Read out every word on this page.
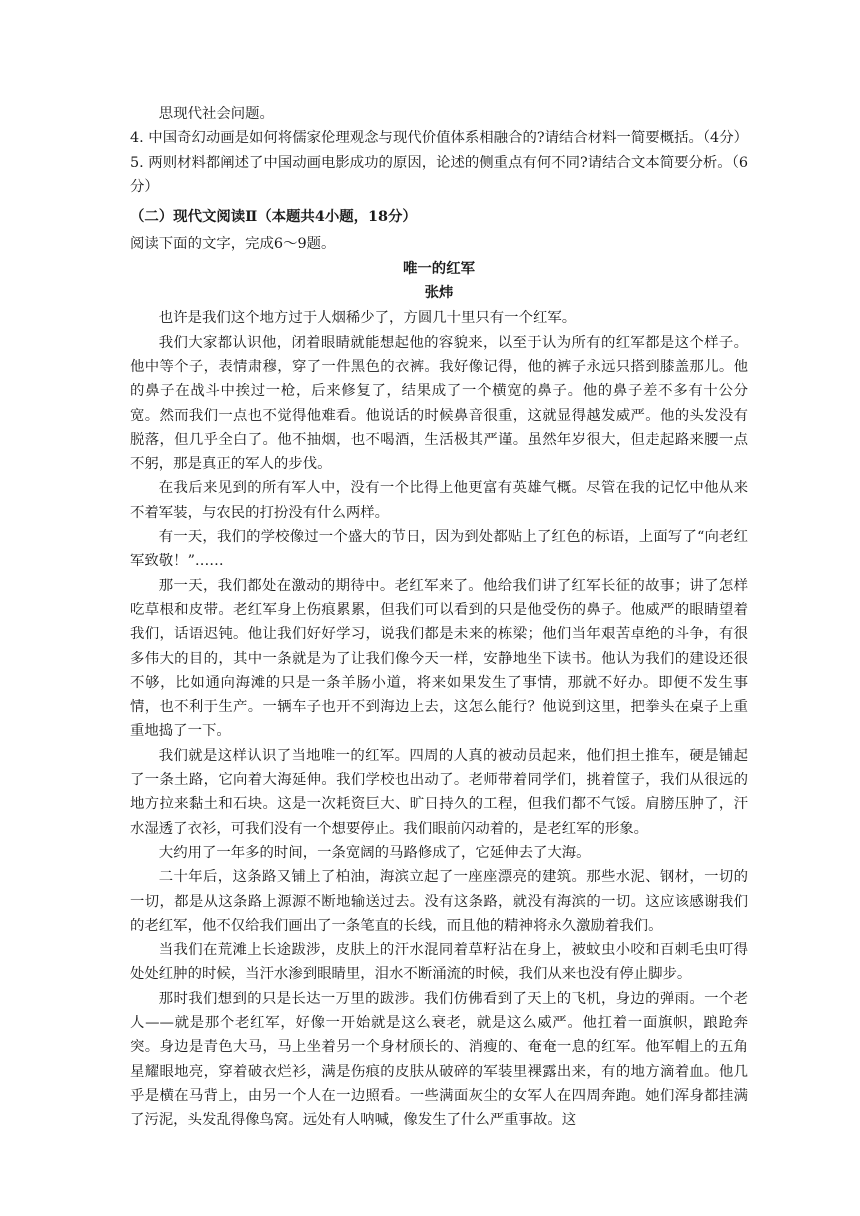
思现代社会问题。

4. 中国奇幻动画是如何将儒家伦理观念与现代价值体系相融合的?请结合材料一简要概括。（4分）

5. 两则材料都阐述了中国动画电影成功的原因，论述的侧重点有何不同?请结合文本简要分析。（6分）

（二）现代文阅读Ⅱ（本题共4小题，18分）

阅读下面的文字，完成6～9题。

唯一的红军

张炜

也许是我们这个地方过于人烟稀少了，方圆几十里只有一个红军。

我们大家都认识他，闭着眼睛就能想起他的容貌来，以至于认为所有的红军都是这个样子。他中等个子，表情肃穆，穿了一件黑色的衣裤。我好像记得，他的裤子永远只搭到膝盖那儿。他的鼻子在战斗中挨过一枪，后来修复了，结果成了一个横宽的鼻子。他的鼻子差不多有十公分宽。然而我们一点也不觉得他难看。他说话的时候鼻音很重，这就显得越发威严。他的头发没有脱落，但几乎全白了。他不抽烟，也不喝酒，生活极其严谨。虽然年岁很大，但走起路来腰一点不躬，那是真正的军人的步伐。

在我后来见到的所有军人中，没有一个比得上他更富有英雄气概。尽管在我的记忆中他从来不着军装，与农民的打扮没有什么两样。

有一天，我们的学校像过一个盛大的节日，因为到处都贴上了红色的标语，上面写了“向老红军致敬！”……

那一天，我们都处在激动的期待中。老红军来了。他给我们讲了红军长征的故事；讲了怎样吃草根和皮带。老红军身上伤痕累累，但我们可以看到的只是他受伤的鼻子。他威严的眼睛望着我们，话语迟钝。他让我们好好学习，说我们都是未来的栋梁；他们当年艰苦卓绝的斗争，有很多伟大的目的，其中一条就是为了让我们像今天一样，安静地坐下读书。他认为我们的建设还很不够，比如通向海滩的只是一条羊肠小道，将来如果发生了事情，那就不好办。即便不发生事情，也不利于生产。一辆车子也开不到海边上去，这怎么能行？他说到这里，把拳头在桌子上重重地捣了一下。

我们就是这样认识了当地唯一的红军。四周的人真的被动员起来，他们担土推车，硬是铺起了一条土路，它向着大海延伸。我们学校也出动了。老师带着同学们，挑着筐子，我们从很远的地方拉来黏土和石块。这是一次耗资巨大、旷日持久的工程，但我们都不气馁。肩膀压肿了，汗水湿透了衣衫，可我们没有一个想要停止。我们眼前闪动着的，是老红军的形象。

大约用了一年多的时间，一条宽阔的马路修成了，它延伸去了大海。

二十年后，这条路又铺上了柏油，海滨立起了一座座漂亮的建筑。那些水泥、钢材，一切的一切，都是从这条路上源源不断地输送过去。没有这条路，就没有海滨的一切。这应该感谢我们的老红军，他不仅给我们画出了一条笔直的长线，而且他的精神将永久激励着我们。

当我们在荒滩上长途跋涉，皮肤上的汗水混同着草籽沾在身上，被蚊虫小咬和百刺毛虫叮得处处红肿的时候，当汗水渗到眼睛里，泪水不断涌流的时候，我们从来也没有停止脚步。

那时我们想到的只是长达一万里的跋涉。我们仿佛看到了天上的飞机，身边的弹雨。一个老人——就是那个老红军，好像一开始就是这么衰老，就是这么威严。他扛着一面旗帜，踉跄奔突。身边是青色大马，马上坐着另一个身材颀长的、消瘦的、奄奄一息的红军。他军帽上的五角星耀眼地亮，穿着破衣烂衫，满是伤痕的皮肤从破碎的军装里裸露出来，有的地方滴着血。他几乎是横在马背上，由另一个人在一边照看。一些满面灰尘的女军人在四周奔跑。她们浑身都挂满了污泥，头发乱得像鸟窝。远处有人呐喊，像发生了什么严重事故。这
